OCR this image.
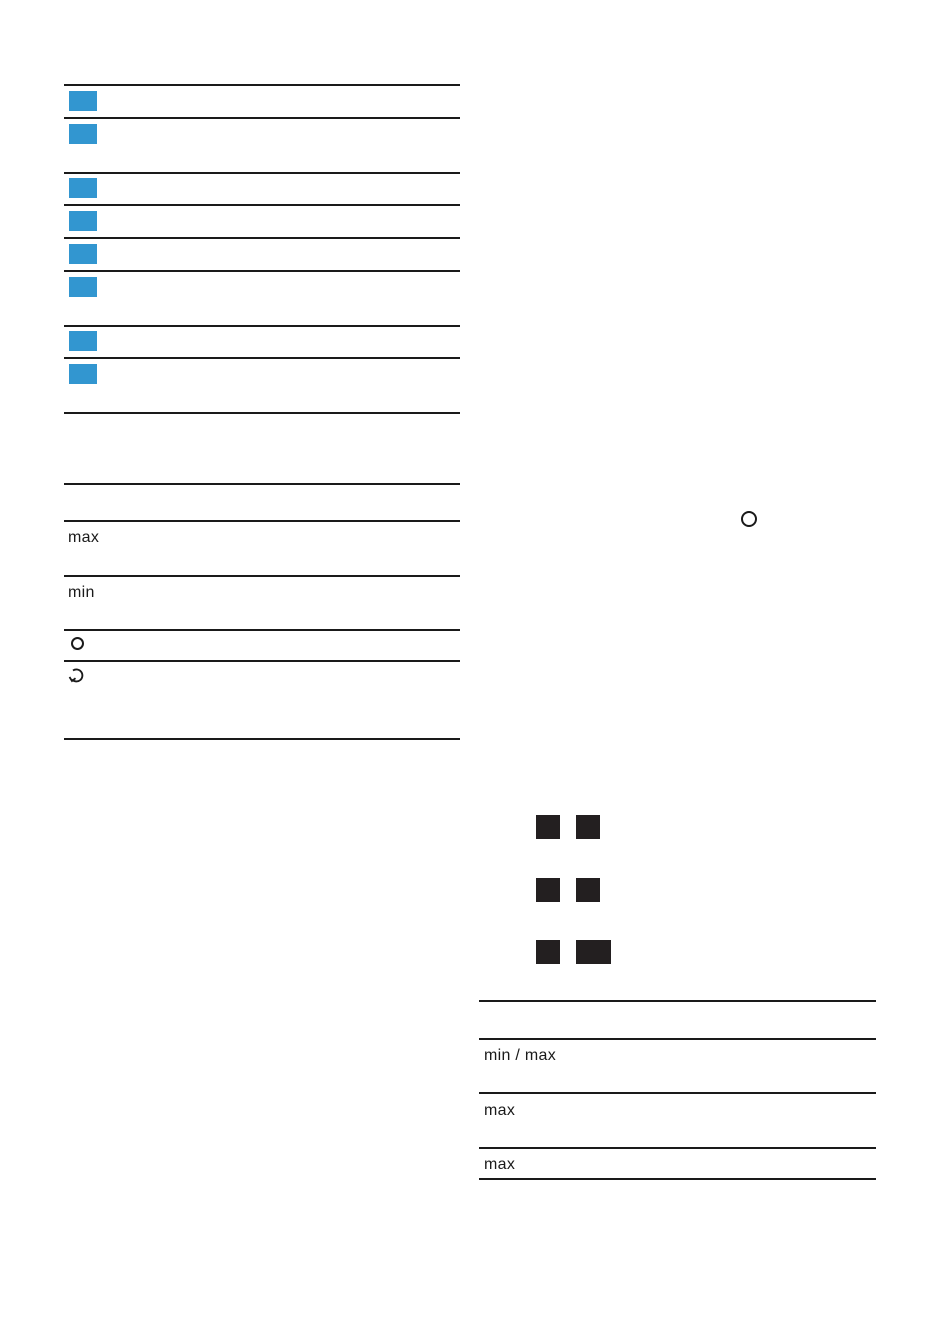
max
min
min / max
max
max
